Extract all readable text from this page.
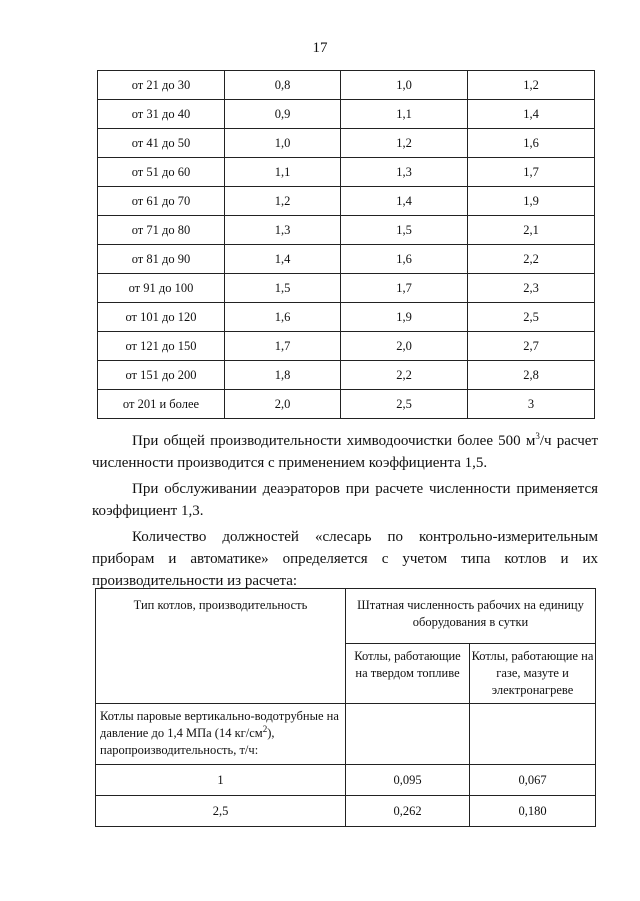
17
от 21 до 30	0,8	1,0	1,2
от 31 до 40	0,9	1,1	1,4
от 41 до 50	1,0	1,2	1,6
от 51 до 60	1,1	1,3	1,7
от 61 до 70	1,2	1,4	1,9
от 71 до 80	1,3	1,5	2,1
от 81 до 90	1,4	1,6	2,2
от 91 до 100	1,5	1,7	2,3
от 101 до 120	1,6	1,9	2,5
от 121 до 150	1,7	2,0	2,7
от 151 до 200	1,8	2,2	2,8
от 201 и более	2,0	2,5	3

При общей производительности химводоочистки более 500 $м^3/ч$ расчет численности производится с применением коэффициента 1,5.

При обслуживании деаэраторов при расчете численности применяется коэффициент 1,3.

Количество должностей «слесарь по контрольно-измерительным приборам и автоматике» определяется с учетом типа котлов и их производительности из расчета:

Тип котлов, производительность	Штатная численность рабочих на единицу оборудования в сутки	
	Котлы, работающие на твердом топливе	Котлы, работающие на газе, мазуте и электронагреве
Котлы паровые вертикально-водотрубные на давление до 1,4 МПа (14 $кг/см^2$), паропроизводительность, т/ч:		
1	0,095	0,067
2,5	0,262	0,180
